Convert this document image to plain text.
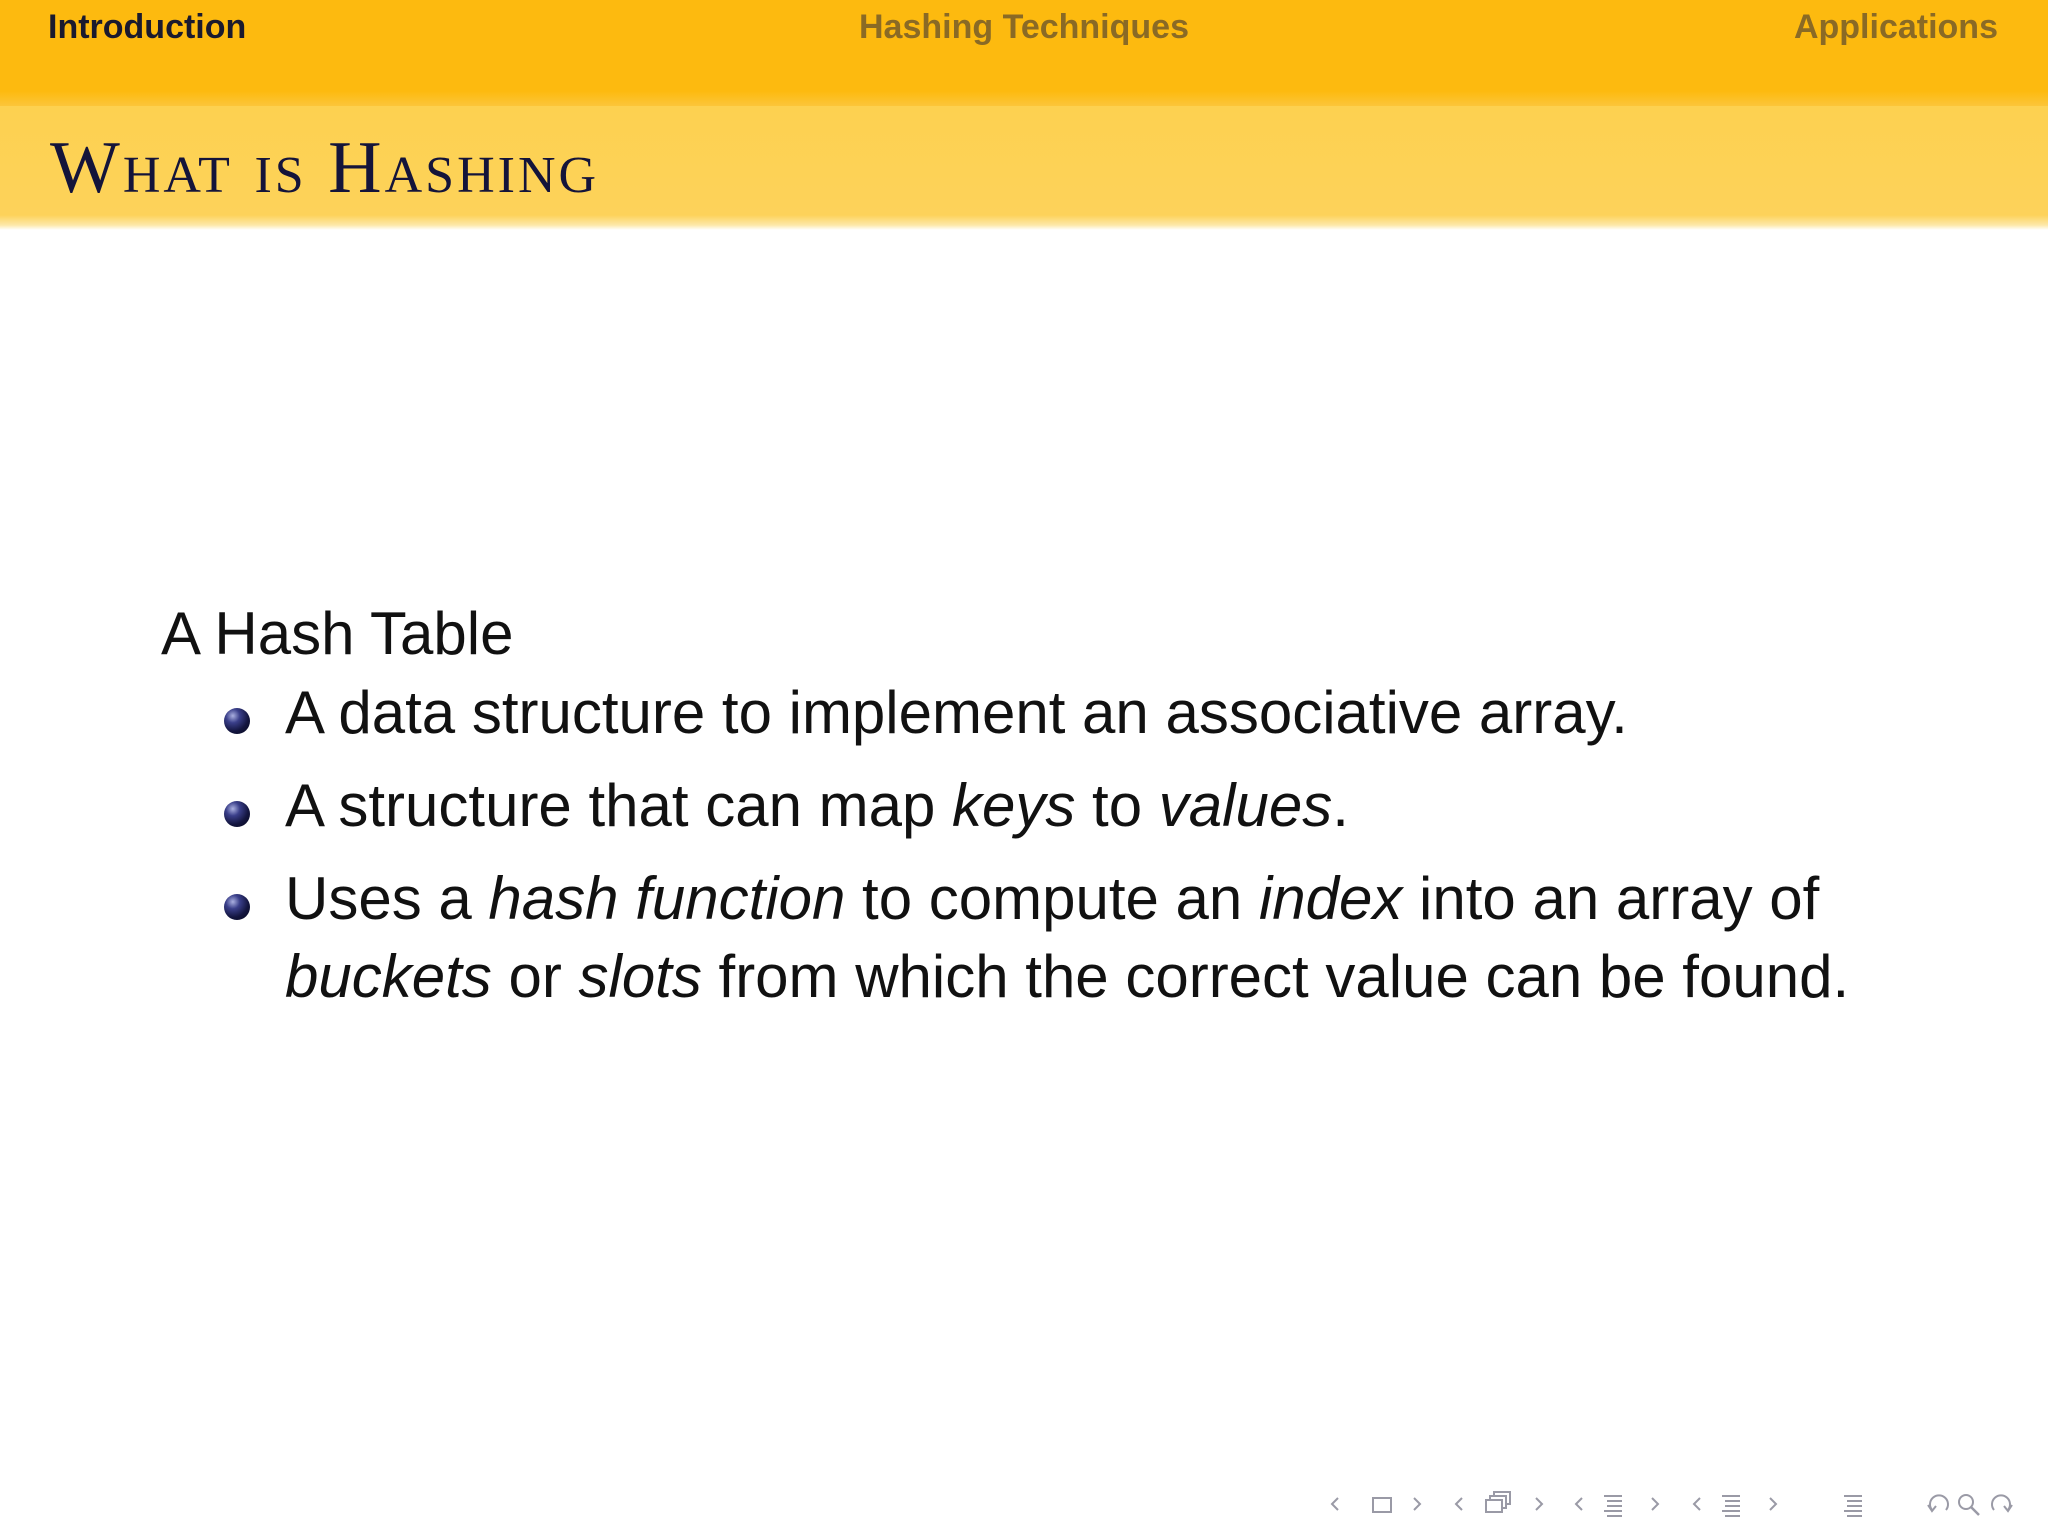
Introduction	Hashing Techniques	Applications
What is Hashing
A Hash Table
A data structure to implement an associative array.
A structure that can map keys to values.
Uses a hash function to compute an index into an array of buckets or slots from which the correct value can be found.
